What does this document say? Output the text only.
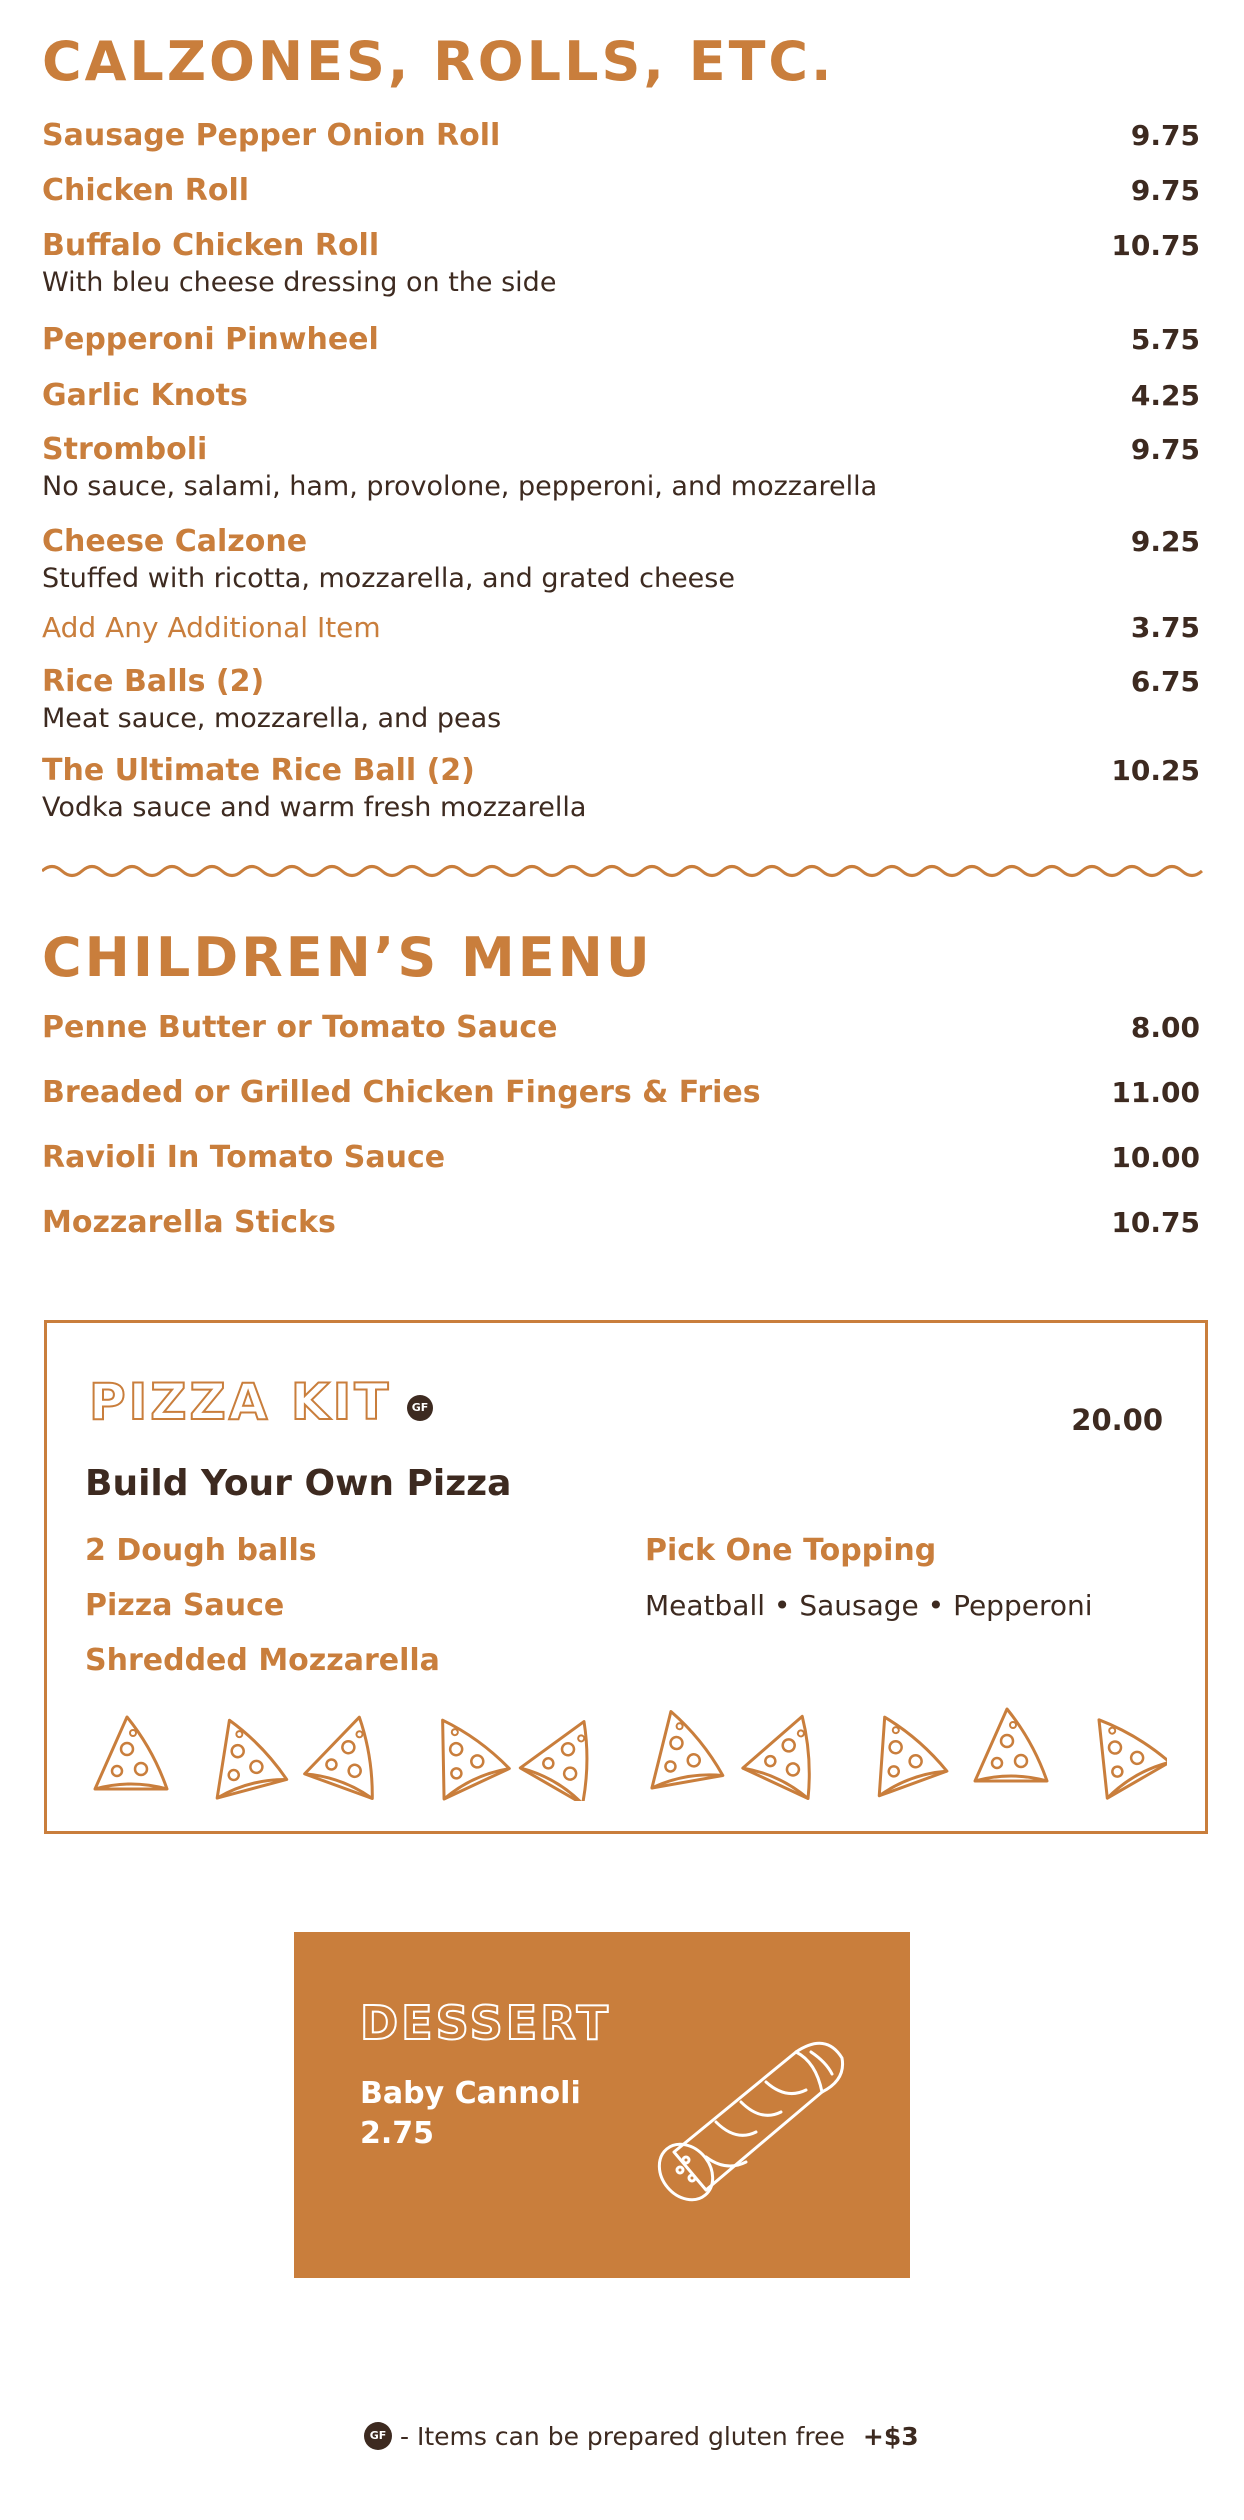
CALZONES, ROLLS, ETC.
Sausage Pepper Onion Roll	9.75
Chicken Roll	9.75
Buffalo Chicken Roll	10.75
With bleu cheese dressing on the side
Pepperoni Pinwheel	5.75
Garlic Knots	4.25
Stromboli	9.75
No sauce, salami, ham, provolone, pepperoni, and mozzarella
Cheese Calzone	9.25
Stuffed with ricotta, mozzarella, and grated cheese
Add Any Additional Item	3.75
Rice Balls (2)	6.75
Meat sauce, mozzarella, and peas
The Ultimate Rice Ball (2)	10.25
Vodka sauce and warm fresh mozzarella
CHILDREN’S MENU
Penne Butter or Tomato Sauce	8.00
Breaded or Grilled Chicken Fingers & Fries	11.00
Ravioli In Tomato Sauce	10.00
Mozzarella Sticks	10.75
PIZZA KIT	GF	20.00
Build Your Own Pizza
2 Dough balls
Pizza Sauce
Shredded Mozzarella
Pick One Topping
Meatball • Sausage • Pepperoni
DESSERT
Baby Cannoli
2.75
GF - Items can be prepared gluten free +$3
